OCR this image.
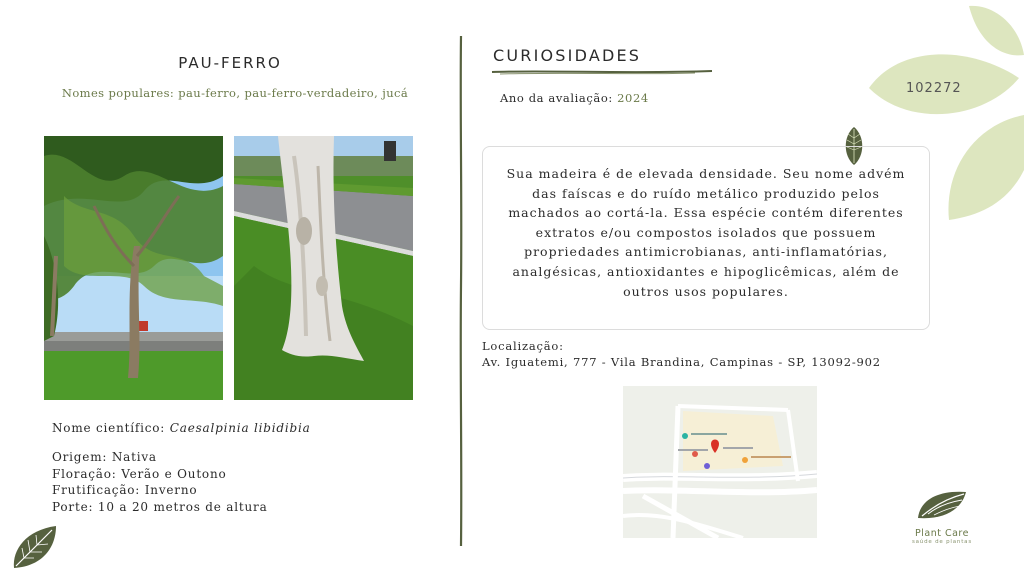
PAU-FERRO
Nomes populares: pau-ferro, pau-ferro-verdadeiro, jucá
Nome científico: Caesalpinia libidibia
Origem: Nativa
Floração: Verão e Outono
Frutificação: Inverno
Porte: 10 a 20 metros de altura
102272
CURIOSIDADES
Ano da avaliação: 2024
Sua madeira é de elevada densidade. Seu nome advém das faíscas e do ruído metálico produzido pelos machados ao cortá-la. Essa espécie contém diferentes extratos e/ou compostos isolados que possuem propriedades antimicrobianas, anti-inflamatórias, analgésicas, antioxidantes e hipoglicêmicas, além de outros usos populares.
Localização:
Av. Iguatemi, 777 - Vila Brandina, Campinas - SP, 13092-902
Plant Care
saúde de plantas
